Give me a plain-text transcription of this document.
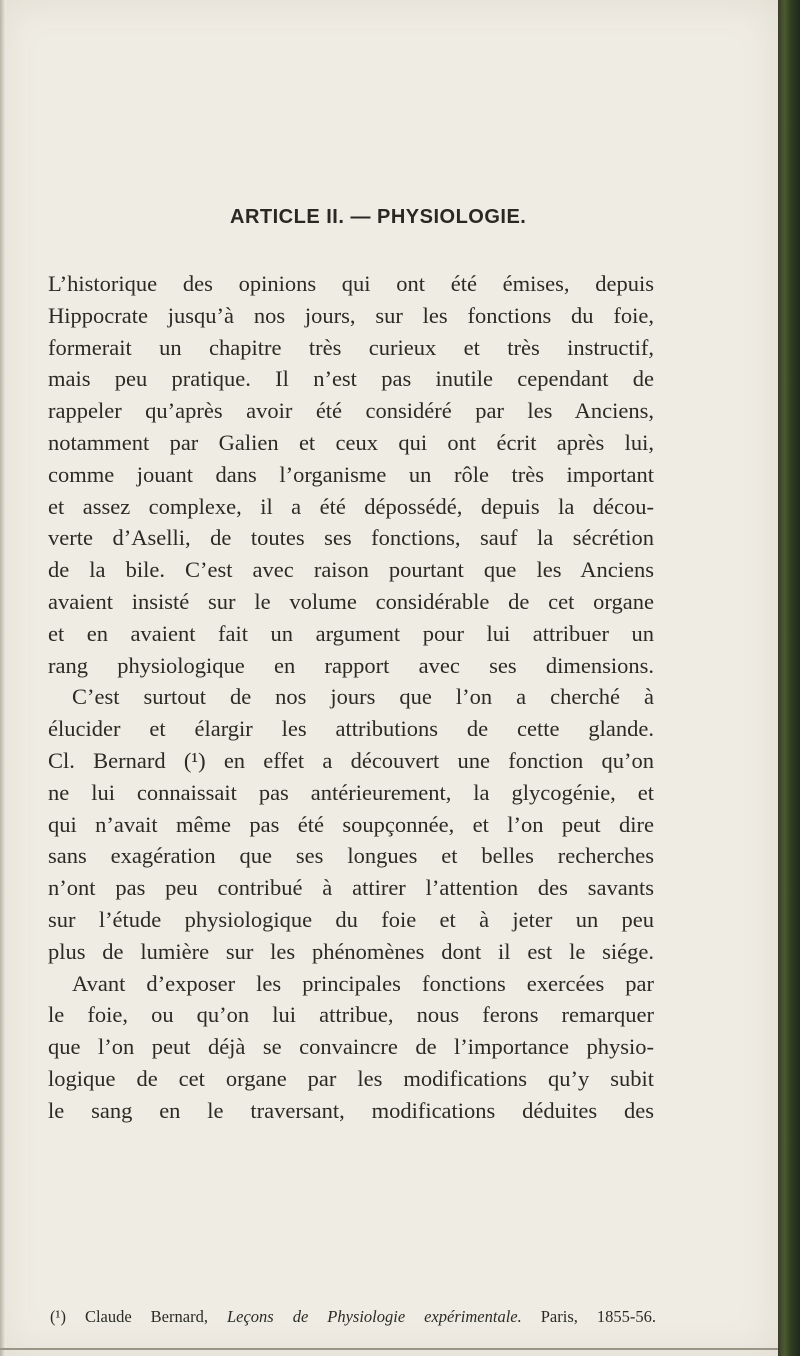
ARTICLE II. — PHYSIOLOGIE.
L’historique des opinions qui ont été émises, depuis
Hippocrate jusqu’à nos jours, sur les fonctions du foie,
formerait un chapitre très curieux et très instructif,
mais peu pratique. Il n’est pas inutile cependant de
rappeler qu’après avoir été considéré par les Anciens,
notamment par Galien et ceux qui ont écrit après lui,
comme jouant dans l’organisme un rôle très important
et assez complexe, il a été dépossédé, depuis la décou-
verte d’Aselli, de toutes ses fonctions, sauf la sécrétion
de la bile. C’est avec raison pourtant que les Anciens
avaient insisté sur le volume considérable de cet organe
et en avaient fait un argument pour lui attribuer un
rang physiologique en rapport avec ses dimensions.
C’est surtout de nos jours que l’on a cherché à
élucider et élargir les attributions de cette glande.
Cl. Bernard (¹) en effet a découvert une fonction qu’on
ne lui connaissait pas antérieurement, la glycogénie, et
qui n’avait même pas été soupçonnée, et l’on peut dire
sans exagération que ses longues et belles recherches
n’ont pas peu contribué à attirer l’attention des savants
sur l’étude physiologique du foie et à jeter un peu
plus de lumière sur les phénomènes dont il est le siége.
Avant d’exposer les principales fonctions exercées par
le foie, ou qu’on lui attribue, nous ferons remarquer
que l’on peut déjà se convaincre de l’importance physio-
logique de cet organe par les modifications qu’y subit
le sang en le traversant, modifications déduites des
(¹) Claude Bernard, Leçons de Physiologie expérimentale. Paris, 1855-56.
